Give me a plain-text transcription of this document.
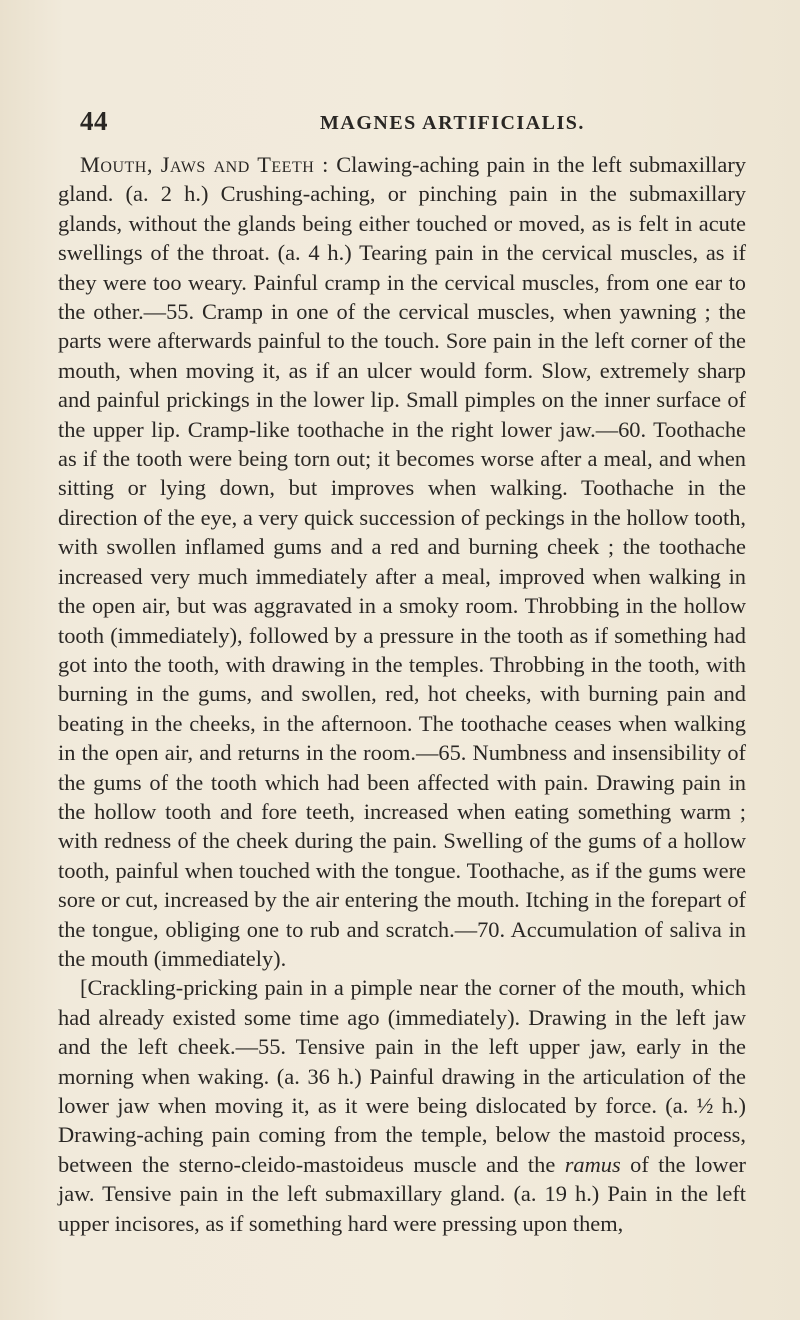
44	MAGNES ARTIFICIALIS.

Mouth, Jaws and Teeth : Clawing-aching pain in the left submaxillary gland. (a. 2 h.) Crushing-aching, or pinching pain in the submaxillary glands, without the glands being either touched or moved, as is felt in acute swellings of the throat. (a. 4 h.) Tearing pain in the cervical muscles, as if they were too weary. Painful cramp in the cervical muscles, from one ear to the other.—55. Cramp in one of the cervical muscles, when yawning ; the parts were afterwards painful to the touch. Sore pain in the left corner of the mouth, when moving it, as if an ulcer would form. Slow, extremely sharp and painful prickings in the lower lip. Small pimples on the inner surface of the upper lip. Cramp-like toothache in the right lower jaw.—60. Toothache as if the tooth were being torn out; it becomes worse after a meal, and when sitting or lying down, but improves when walking. Toothache in the direction of the eye, a very quick succession of peckings in the hollow tooth, with swollen inflamed gums and a red and burning cheek ; the toothache increased very much immediately after a meal, improved when walking in the open air, but was aggravated in a smoky room. Throbbing in the hollow tooth (immediately), followed by a pressure in the tooth as if something had got into the tooth, with drawing in the temples. Throbbing in the tooth, with burning in the gums, and swollen, red, hot cheeks, with burning pain and beating in the cheeks, in the afternoon. The toothache ceases when walking in the open air, and returns in the room.—65. Numbness and insensibility of the gums of the tooth which had been affected with pain. Drawing pain in the hollow tooth and fore teeth, increased when eating something warm ; with redness of the cheek during the pain. Swelling of the gums of a hollow tooth, painful when touched with the tongue. Toothache, as if the gums were sore or cut, increased by the air entering the mouth. Itching in the forepart of the tongue, obliging one to rub and scratch.—70. Accumulation of saliva in the mouth (immediately).

[Crackling-pricking pain in a pimple near the corner of the mouth, which had already existed some time ago (immediately). Drawing in the left jaw and the left cheek.—55. Tensive pain in the left upper jaw, early in the morning when waking. (a. 36 h.) Painful drawing in the articulation of the lower jaw when moving it, as it were being dislocated by force. (a. ½ h.) Drawing-aching pain coming from the temple, below the mastoid process, between the sterno-cleido-mastoideus muscle and the ramus of the lower jaw. Tensive pain in the left submaxillary gland. (a. 19 h.) Pain in the left upper incisores, as if something hard were pressing upon them,
